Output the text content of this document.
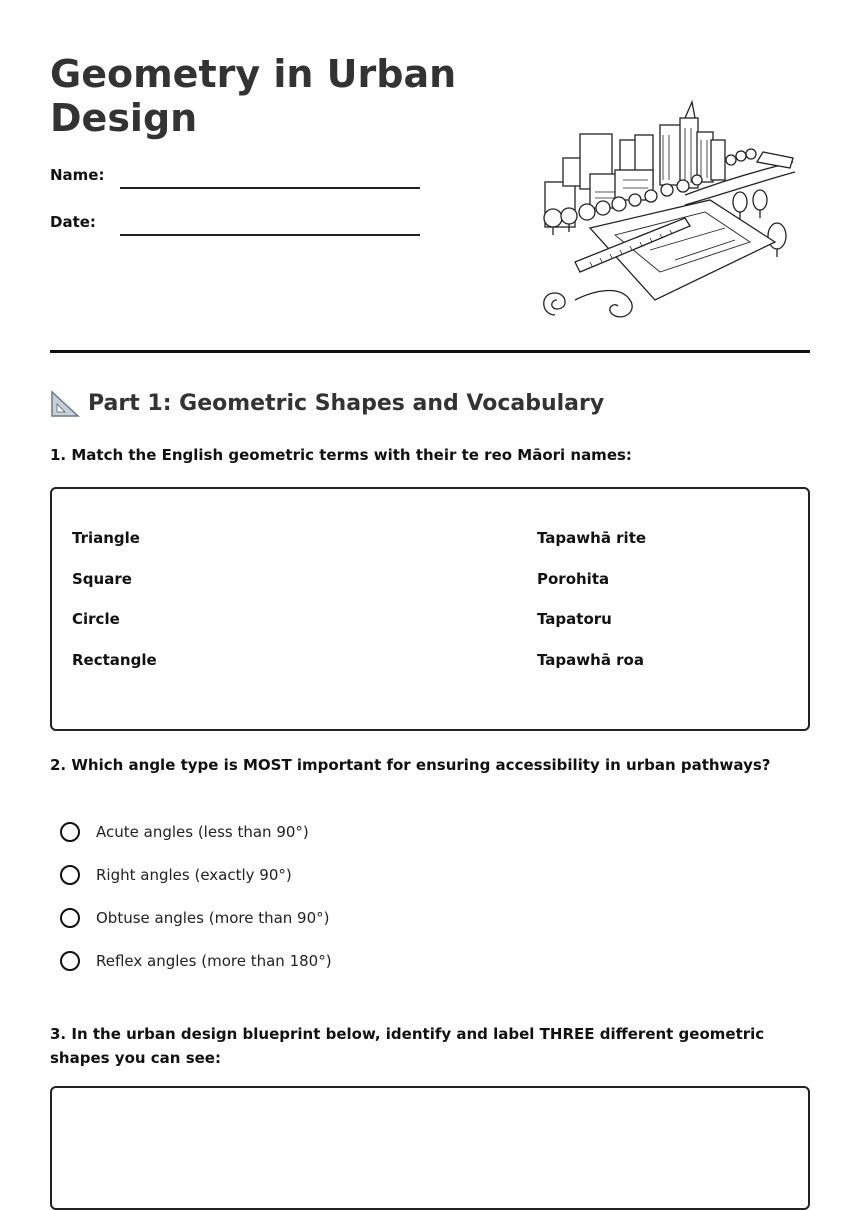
Geometry in Urban Design
Name:
Date:
Part 1: Geometric Shapes and Vocabulary

1. Match the English geometric terms with their te reo Māori names:

Triangle
Square
Circle
Rectangle
Tapawhā rite
Porohita
Tapatoru
Tapawhā roa

2. Which angle type is MOST important for ensuring accessibility in urban pathways?

Acute angles (less than 90°)
Right angles (exactly 90°)
Obtuse angles (more than 90°)
Reflex angles (more than 180°)

3. In the urban design blueprint below, identify and label THREE different geometric shapes you can see:
